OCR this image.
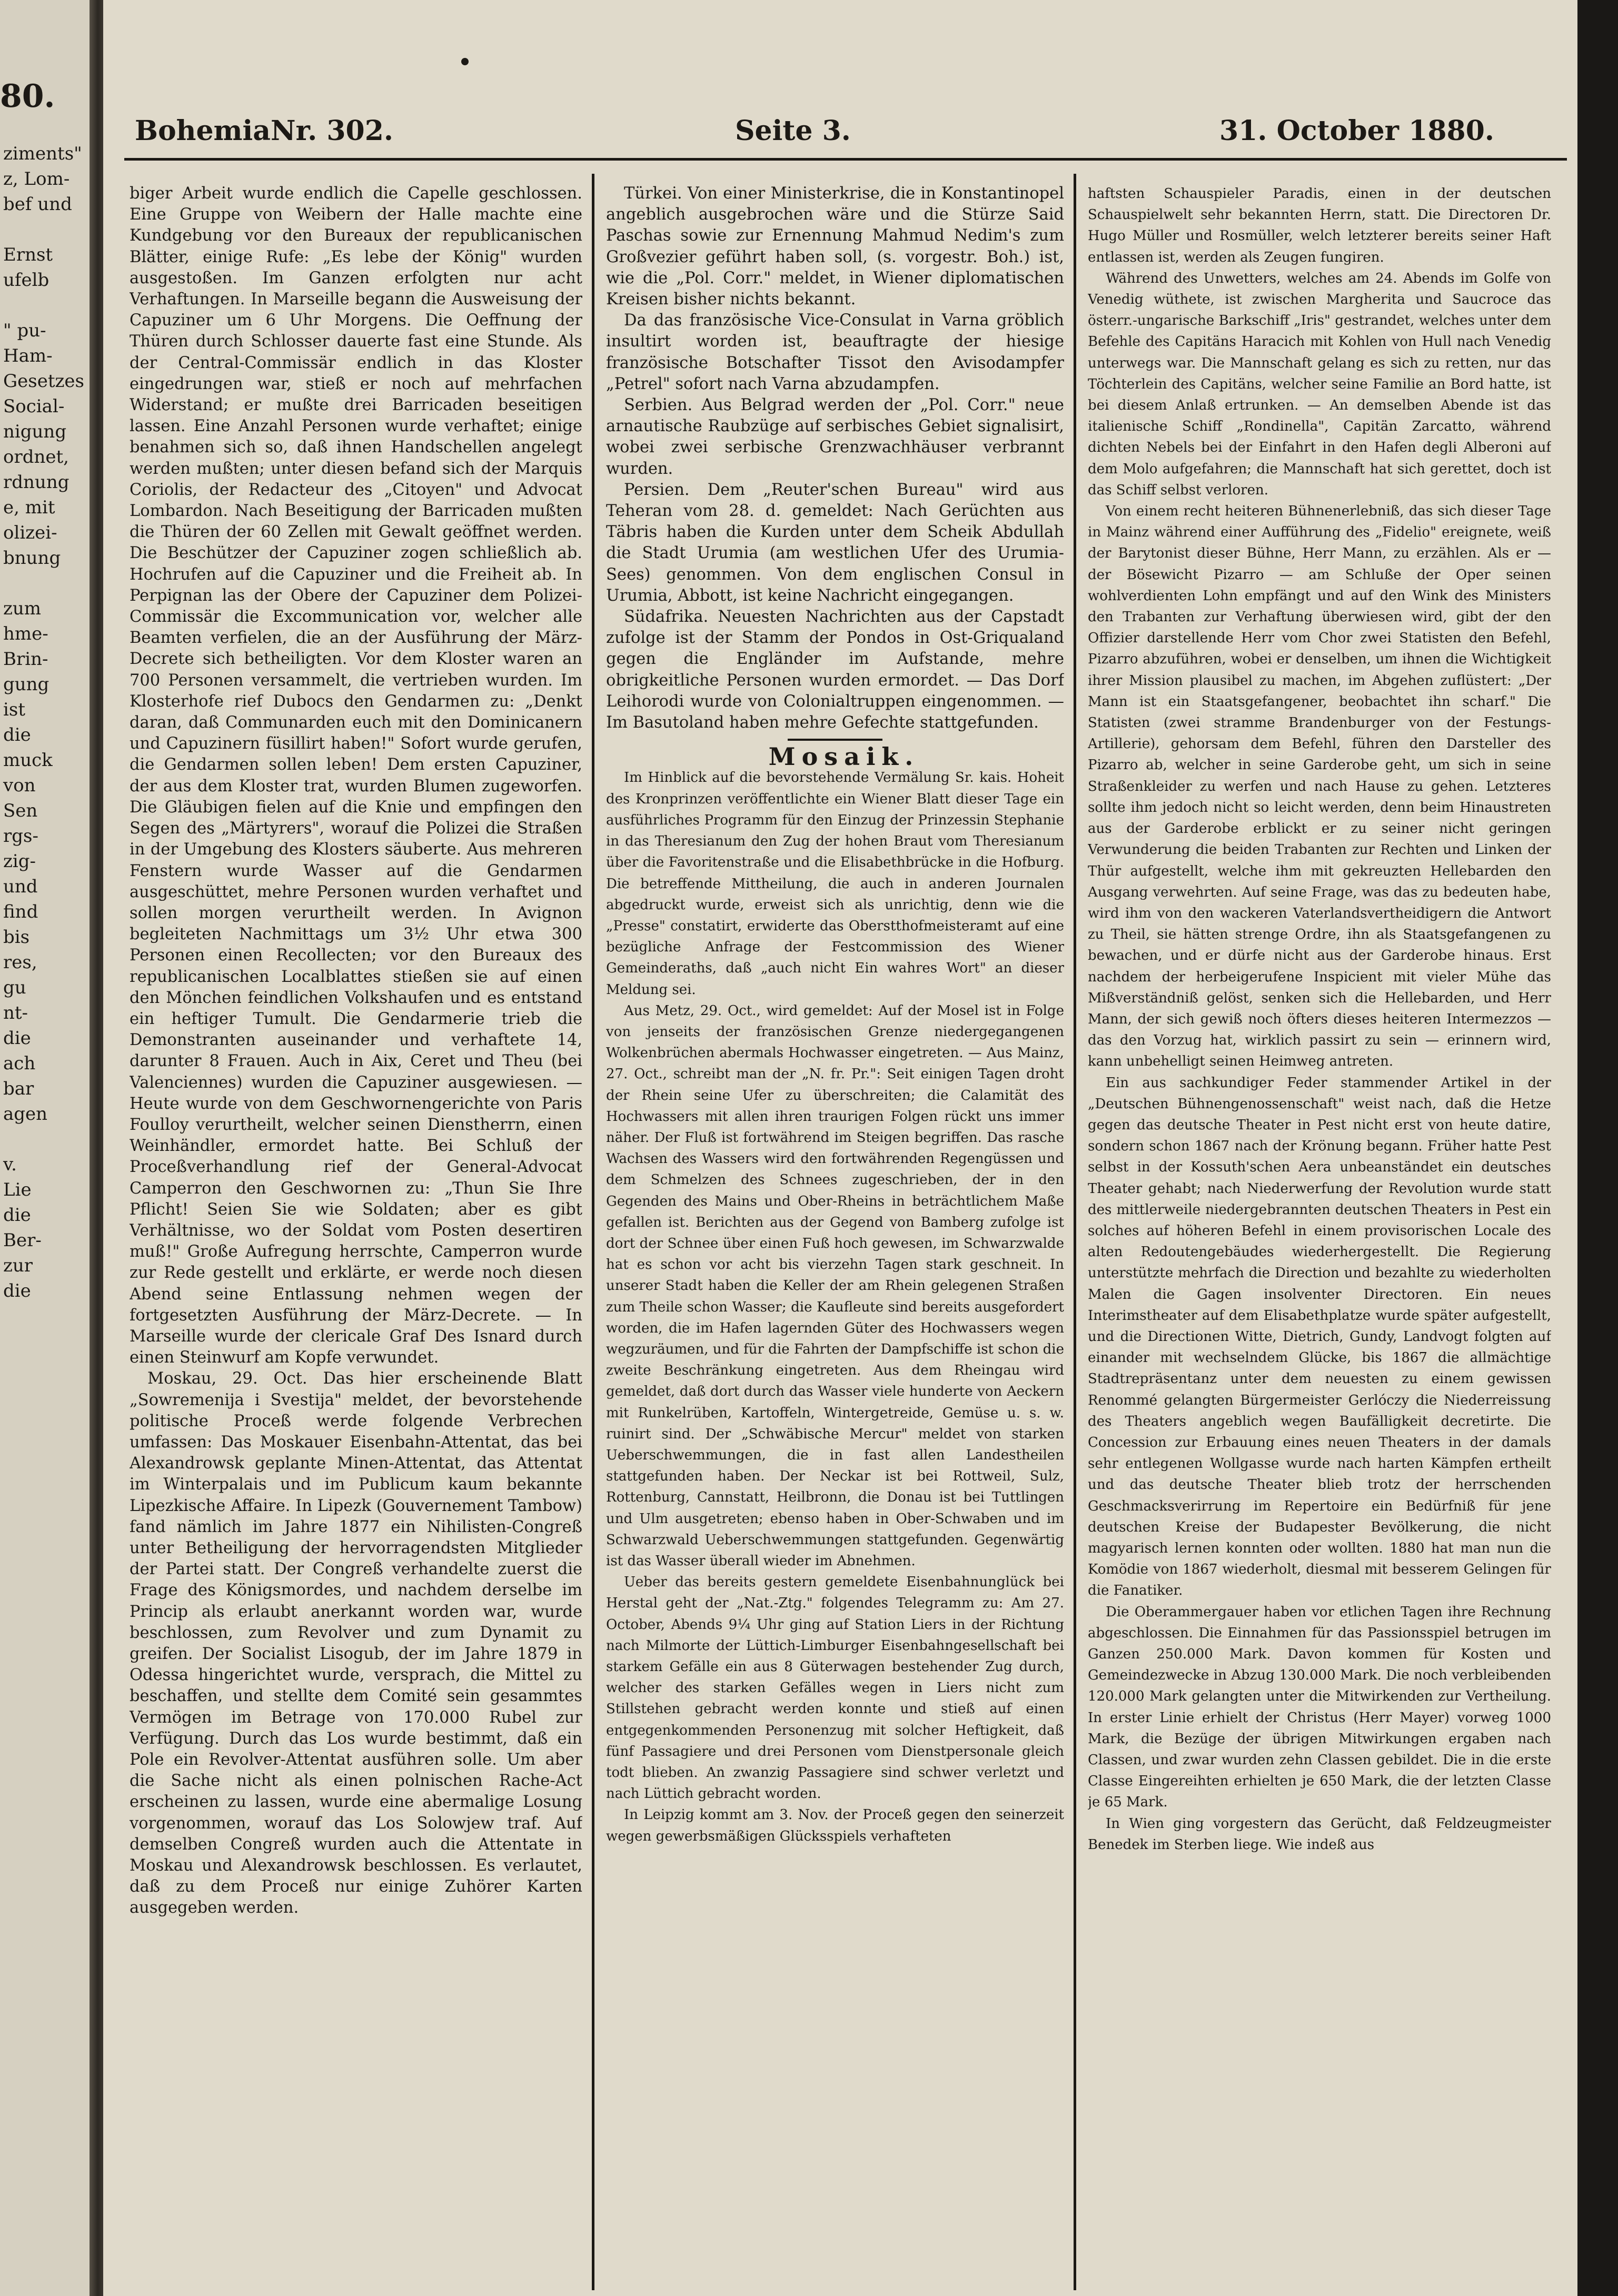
80.
ziments"
z, Lom-
bef und
Ernst
ufelb
" pu-
Ham-
Gesetzes
Social-
nigung
ordnet,
rdnung
e, mit
olizei-
bnung
zum
hme-
Brin-
gung
ist
die
muck
von
Sen
rgs-
zig-
und
find
bis
res,
gu
nt-
die
ach
bar
agen
v.
Lie
die
Ber-
zur
die
BohemiaNr. 302.	Seite 3.	31. October 1880.

biger Arbeit wurde endlich die Capelle geschlossen. Eine Gruppe von Weibern der Halle machte eine Kundgebung vor den Bureaux der republicanischen Blätter, einige Rufe: „Es lebe der König" wurden ausgestoßen. Im Ganzen erfolgten nur acht Verhaftungen. In Marseille begann die Ausweisung der Capuziner um 6 Uhr Morgens. Die Oeffnung der Thüren durch Schlosser dauerte fast eine Stunde. Als der Central-Commissär endlich in das Kloster eingedrungen war, stieß er noch auf mehrfachen Widerstand; er mußte drei Barricaden beseitigen lassen. Eine Anzahl Personen wurde verhaftet; einige benahmen sich so, daß ihnen Handschellen angelegt werden mußten; unter diesen befand sich der Marquis Coriolis, der Redacteur des „Citoyen" und Advocat Lombardon. Nach Beseitigung der Barricaden mußten die Thüren der 60 Zellen mit Gewalt geöffnet werden. Die Beschützer der Capuziner zogen schließlich ab. Hochrufen auf die Capuziner und die Freiheit ab. In Perpignan las der Obere der Capuziner dem Polizei-Commissär die Excommunication vor, welcher alle Beamten verfielen, die an der Ausführung der März-Decrete sich betheiligten. Vor dem Kloster waren an 700 Personen versammelt, die vertrieben wurden. Im Klosterhofe rief Dubocs den Gendarmen zu: „Denkt daran, daß Communarden euch mit den Dominicanern und Capuzinern füsillirt haben!" Sofort wurde gerufen, die Gendarmen sollen leben! Dem ersten Capuziner, der aus dem Kloster trat, wurden Blumen zugeworfen. Die Gläubigen fielen auf die Knie und empfingen den Segen des „Märtyrers", worauf die Polizei die Straßen in der Umgebung des Klosters säuberte. Aus mehreren Fenstern wurde Wasser auf die Gendarmen ausgeschüttet, mehre Personen wurden verhaftet und sollen morgen verurtheilt werden. In Avignon begleiteten Nachmittags um 3½ Uhr etwa 300 Personen einen Recollecten; vor den Bureaux des republicanischen Localblattes stießen sie auf einen den Mönchen feindlichen Volkshaufen und es entstand ein heftiger Tumult. Die Gendarmerie trieb die Demonstranten auseinander und verhaftete 14, darunter 8 Frauen. Auch in Aix, Ceret und Theu (bei Valenciennes) wurden die Capuziner ausgewiesen. — Heute wurde von dem Geschwornengerichte von Paris Foulloy verurtheilt, welcher seinen Dienstherrn, einen Weinhändler, ermordet hatte. Bei Schluß der Proceßverhandlung rief der General-Advocat Camperron den Geschwornen zu: „Thun Sie Ihre Pflicht! Seien Sie wie Soldaten; aber es gibt Verhältnisse, wo der Soldat vom Posten desertiren muß!" Große Aufregung herrschte, Camperron wurde zur Rede gestellt und erklärte, er werde noch diesen Abend seine Entlassung nehmen wegen der fortgesetzten Ausführung der März-Decrete. — In Marseille wurde der clericale Graf Des Isnard durch einen Steinwurf am Kopfe verwundet.

Moskau, 29. Oct. Das hier erscheinende Blatt „Sowremenija i Svestija" meldet, der bevorstehende politische Proceß werde folgende Verbrechen umfassen: Das Moskauer Eisenbahn-Attentat, das bei Alexandrowsk geplante Minen-Attentat, das Attentat im Winterpalais und im Publicum kaum bekannte Lipezkische Affaire. In Lipezk (Gouvernement Tambow) fand nämlich im Jahre 1877 ein Nihilisten-Congreß unter Betheiligung der hervorragendsten Mitglieder der Partei statt. Der Congreß verhandelte zuerst die Frage des Königsmordes, und nachdem derselbe im Princip als erlaubt anerkannt worden war, wurde beschlossen, zum Revolver und zum Dynamit zu greifen. Der Socialist Lisogub, der im Jahre 1879 in Odessa hingerichtet wurde, versprach, die Mittel zu beschaffen, und stellte dem Comité sein gesammtes Vermögen im Betrage von 170.000 Rubel zur Verfügung. Durch das Los wurde bestimmt, daß ein Pole ein Revolver-Attentat ausführen solle. Um aber die Sache nicht als einen polnischen Rache-Act erscheinen zu lassen, wurde eine abermalige Losung vorgenommen, worauf das Los Solowjew traf. Auf demselben Congreß wurden auch die Attentate in Moskau und Alexandrowsk beschlossen. Es verlautet, daß zu dem Proceß nur einige Zuhörer Karten ausgegeben werden.

Türkei. Von einer Ministerkrise, die in Konstantinopel angeblich ausgebrochen wäre und die Stürze Said Paschas sowie zur Ernennung Mahmud Nedim's zum Großvezier geführt haben soll, (s. vorgestr. Boh.) ist, wie die „Pol. Corr." meldet, in Wiener diplomatischen Kreisen bisher nichts bekannt.

Da das französische Vice-Consulat in Varna gröblich insultirt worden ist, beauftragte der hiesige französische Botschafter Tissot den Avisodampfer „Petrel" sofort nach Varna abzudampfen.

Serbien. Aus Belgrad werden der „Pol. Corr." neue arnautische Raubzüge auf serbisches Gebiet signalisirt, wobei zwei serbische Grenzwachhäuser verbrannt wurden.

Persien. Dem „Reuter'schen Bureau" wird aus Teheran vom 28. d. gemeldet: Nach Gerüchten aus Täbris haben die Kurden unter dem Scheik Abdullah die Stadt Urumia (am westlichen Ufer des Urumia-Sees) genommen. Von dem englischen Consul in Urumia, Abbott, ist keine Nachricht eingegangen.

Südafrika. Neuesten Nachrichten aus der Capstadt zufolge ist der Stamm der Pondos in Ost-Griqualand gegen die Engländer im Aufstande, mehre obrigkeitliche Personen wurden ermordet. — Das Dorf Leihorodi wurde von Colonialtruppen eingenommen. — Im Basutoland haben mehre Gefechte stattgefunden.

Mosaik.

Im Hinblick auf die bevorstehende Vermälung Sr. kais. Hoheit des Kronprinzen veröffentlichte ein Wiener Blatt dieser Tage ein ausführliches Programm für den Einzug der Prinzessin Stephanie in das Theresianum den Zug der hohen Braut vom Theresianum über die Favoritenstraße und die Elisabethbrücke in die Hofburg. Die betreffende Mittheilung, die auch in anderen Journalen abgedruckt wurde, erweist sich als unrichtig, denn wie die „Presse" constatirt, erwiderte das Oberstthofmeisteramt auf eine bezügliche Anfrage der Festcommission des Wiener Gemeinderaths, daß „auch nicht Ein wahres Wort" an dieser Meldung sei.

Aus Metz, 29. Oct., wird gemeldet: Auf der Mosel ist in Folge von jenseits der französischen Grenze niedergegangenen Wolkenbrüchen abermals Hochwasser eingetreten. — Aus Mainz, 27. Oct., schreibt man der „N. fr. Pr.": Seit einigen Tagen droht der Rhein seine Ufer zu überschreiten; die Calamität des Hochwassers mit allen ihren traurigen Folgen rückt uns immer näher. Der Fluß ist fortwährend im Steigen begriffen. Das rasche Wachsen des Wassers wird den fortwährenden Regengüssen und dem Schmelzen des Schnees zugeschrieben, der in den Gegenden des Mains und Ober-Rheins in beträchtlichem Maße gefallen ist. Berichten aus der Gegend von Bamberg zufolge ist dort der Schnee über einen Fuß hoch gewesen, im Schwarzwalde hat es schon vor acht bis vierzehn Tagen stark geschneit. In unserer Stadt haben die Keller der am Rhein gelegenen Straßen zum Theile schon Wasser; die Kaufleute sind bereits ausgefordert worden, die im Hafen lagernden Güter des Hochwassers wegen wegzuräumen, und für die Fahrten der Dampfschiffe ist schon die zweite Beschränkung eingetreten. Aus dem Rheingau wird gemeldet, daß dort durch das Wasser viele hunderte von Aeckern mit Runkelrüben, Kartoffeln, Wintergetreide, Gemüse u. s. w. ruinirt sind. Der „Schwäbische Mercur" meldet von starken Ueberschwemmungen, die in fast allen Landestheilen stattgefunden haben. Der Neckar ist bei Rottweil, Sulz, Rottenburg, Cannstatt, Heilbronn, die Donau ist bei Tuttlingen und Ulm ausgetreten; ebenso haben in Ober-Schwaben und im Schwarzwald Ueberschwemmungen stattgefunden. Gegenwärtig ist das Wasser überall wieder im Abnehmen.

Ueber das bereits gestern gemeldete Eisenbahnunglück bei Herstal geht der „Nat.-Ztg." folgendes Telegramm zu: Am 27. October, Abends 9¼ Uhr ging auf Station Liers in der Richtung nach Milmorte der Lüttich-Limburger Eisenbahngesellschaft bei starkem Gefälle ein aus 8 Güterwagen bestehender Zug durch, welcher des starken Gefälles wegen in Liers nicht zum Stillstehen gebracht werden konnte und stieß auf einen entgegenkommenden Personenzug mit solcher Heftigkeit, daß fünf Passagiere und drei Personen vom Dienstpersonale gleich todt blieben. An zwanzig Passagiere sind schwer verletzt und nach Lüttich gebracht worden.

In Leipzig kommt am 3. Nov. der Proceß gegen den seinerzeit wegen gewerbsmäßigen Glücksspiels verhafteten

haftsten Schauspieler Paradis, einen in der deutschen Schauspielwelt sehr bekannten Herrn, statt. Die Directoren Dr. Hugo Müller und Rosmüller, welch letzterer bereits seiner Haft entlassen ist, werden als Zeugen fungiren.

Während des Unwetters, welches am 24. Abends im Golfe von Venedig wüthete, ist zwischen Margherita und Saucroce das österr.-ungarische Barkschiff „Iris" gestrandet, welches unter dem Befehle des Capitäns Haracich mit Kohlen von Hull nach Venedig unterwegs war. Die Mannschaft gelang es sich zu retten, nur das Töchterlein des Capitäns, welcher seine Familie an Bord hatte, ist bei diesem Anlaß ertrunken. — An demselben Abende ist das italienische Schiff „Rondinella", Capitän Zarcatto, während dichten Nebels bei der Einfahrt in den Hafen degli Alberoni auf dem Molo aufgefahren; die Mannschaft hat sich gerettet, doch ist das Schiff selbst verloren.

Von einem recht heiteren Bühnenerlebniß, das sich dieser Tage in Mainz während einer Aufführung des „Fidelio" ereignete, weiß der Barytonist dieser Bühne, Herr Mann, zu erzählen. Als er — der Bösewicht Pizarro — am Schluße der Oper seinen wohlverdienten Lohn empfängt und auf den Wink des Ministers den Trabanten zur Verhaftung überwiesen wird, gibt der den Offizier darstellende Herr vom Chor zwei Statisten den Befehl, Pizarro abzuführen, wobei er denselben, um ihnen die Wichtigkeit ihrer Mission plausibel zu machen, im Abgehen zuflüstert: „Der Mann ist ein Staatsgefangener, beobachtet ihn scharf." Die Statisten (zwei stramme Brandenburger von der Festungs-Artillerie), gehorsam dem Befehl, führen den Darsteller des Pizarro ab, welcher in seine Garderobe geht, um sich in seine Straßenkleider zu werfen und nach Hause zu gehen. Letzteres sollte ihm jedoch nicht so leicht werden, denn beim Hinaustreten aus der Garderobe erblickt er zu seiner nicht geringen Verwunderung die beiden Trabanten zur Rechten und Linken der Thür aufgestellt, welche ihm mit gekreuzten Hellebarden den Ausgang verwehrten. Auf seine Frage, was das zu bedeuten habe, wird ihm von den wackeren Vaterlandsvertheidigern die Antwort zu Theil, sie hätten strenge Ordre, ihn als Staatsgefangenen zu bewachen, und er dürfe nicht aus der Garderobe hinaus. Erst nachdem der herbeigerufene Inspicient mit vieler Mühe das Mißverständniß gelöst, senken sich die Hellebarden, und Herr Mann, der sich gewiß noch öfters dieses heiteren Intermezzos — das den Vorzug hat, wirklich passirt zu sein — erinnern wird, kann unbehelligt seinen Heimweg antreten.

Ein aus sachkundiger Feder stammender Artikel in der „Deutschen Bühnengenossenschaft" weist nach, daß die Hetze gegen das deutsche Theater in Pest nicht erst von heute datire, sondern schon 1867 nach der Krönung begann. Früher hatte Pest selbst in der Kossuth'schen Aera unbeanständet ein deutsches Theater gehabt; nach Niederwerfung der Revolution wurde statt des mittlerweile niedergebrannten deutschen Theaters in Pest ein solches auf höheren Befehl in einem provisorischen Locale des alten Redoutengebäudes wiederhergestellt. Die Regierung unterstützte mehrfach die Direction und bezahlte zu wiederholten Malen die Gagen insolventer Directoren. Ein neues Interimstheater auf dem Elisabethplatze wurde später aufgestellt, und die Directionen Witte, Dietrich, Gundy, Landvogt folgten auf einander mit wechselndem Glücke, bis 1867 die allmächtige Stadtrepräsentanz unter dem neuesten zu einem gewissen Renommé gelangten Bürgermeister Gerlóczy die Niederreissung des Theaters angeblich wegen Baufälligkeit decretirte. Die Concession zur Erbauung eines neuen Theaters in der damals sehr entlegenen Wollgasse wurde nach harten Kämpfen ertheilt und das deutsche Theater blieb trotz der herrschenden Geschmacksverirrung im Repertoire ein Bedürfniß für jene deutschen Kreise der Budapester Bevölkerung, die nicht magyarisch lernen konnten oder wollten. 1880 hat man nun die Komödie von 1867 wiederholt, diesmal mit besserem Gelingen für die Fanatiker.

Die Oberammergauer haben vor etlichen Tagen ihre Rechnung abgeschlossen. Die Einnahmen für das Passionsspiel betrugen im Ganzen 250.000 Mark. Davon kommen für Kosten und Gemeindezwecke in Abzug 130.000 Mark. Die noch verbleibenden 120.000 Mark gelangten unter die Mitwirkenden zur Vertheilung. In erster Linie erhielt der Christus (Herr Mayer) vorweg 1000 Mark, die Bezüge der übrigen Mitwirkungen ergaben nach Classen, und zwar wurden zehn Classen gebildet. Die in die erste Classe Eingereihten erhielten je 650 Mark, die der letzten Classe je 65 Mark.

In Wien ging vorgestern das Gerücht, daß Feldzeugmeister Benedek im Sterben liege. Wie indeß aus
